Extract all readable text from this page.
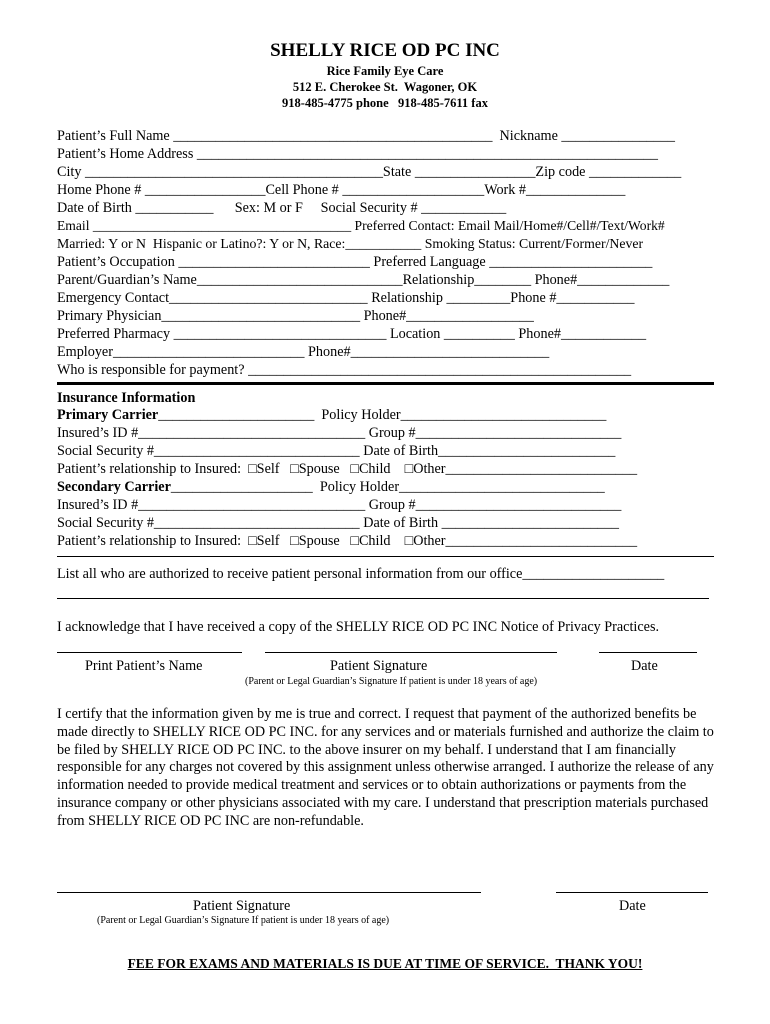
SHELLY RICE OD PC INC
Rice Family Eye Care
512 E. Cherokee St.  Wagoner, OK
918-485-4775 phone   918-485-7611 fax
Patient’s Full Name _____________________________________________  Nickname ________________
Patient’s Home Address _________________________________________________________________
City __________________________________________State _________________Zip code _____________
Home Phone # _________________Cell Phone # ____________________Work #______________
Date of Birth ___________      Sex: M or F     Social Security # ____________
Email ______________________________________ Preferred Contact: Email Mail/Home#/Cell#/Text/Work#
Married: Y or N  Hispanic or Latino?: Y or N, Race:___________ Smoking Status: Current/Former/Never
Patient’s Occupation ___________________________ Preferred Language _______________________
Parent/Guardian’s Name_____________________________Relationship________ Phone#_____________
Emergency Contact____________________________ Relationship _________Phone #___________
Primary Physician____________________________ Phone#__________________
Preferred Pharmacy ______________________________ Location __________ Phone#____________
Employer___________________________ Phone#____________________________
Who is responsible for payment? ______________________________________________________
Insurance Information
Primary Carrier______________________  Policy Holder_____________________________
Insured’s ID #________________________________ Group #_____________________________
Social Security #_____________________________ Date of Birth_________________________
Patient’s relationship to Insured:  □Self   □Spouse   □Child    □Other___________________________
Secondary Carrier____________________  Policy Holder_____________________________
Insured’s ID #________________________________ Group #_____________________________
Social Security #_____________________________ Date of Birth _________________________
Patient’s relationship to Insured:  □Self   □Spouse   □Child    □Other___________________________
List all who are authorized to receive patient personal information from our office____________________
I acknowledge that I have received a copy of the SHELLY RICE OD PC INC Notice of Privacy Practices.
Print Patient’s Name	Patient Signature	Date
(Parent or Legal Guardian’s Signature If patient is under 18 years of age)
I certify that the information given by me is true and correct. I request that payment of the authorized benefits be made directly to SHELLY RICE OD PC INC. for any services and or materials furnished and authorize the claim to be filed by SHELLY RICE OD PC INC. to the above insurer on my behalf. I understand that I am financially responsible for any charges not covered by this assignment unless otherwise arranged. I authorize the release of any information needed to provide medical treatment and services or to obtain authorizations or payments from the insurance company or other physicians associated with my care. I understand that prescription materials purchased from SHELLY RICE OD PC INC are non-refundable.
Patient Signature	Date
(Parent or Legal Guardian’s Signature If patient is under 18 years of age)
FEE FOR EXAMS AND MATERIALS IS DUE AT TIME OF SERVICE.  THANK YOU!
